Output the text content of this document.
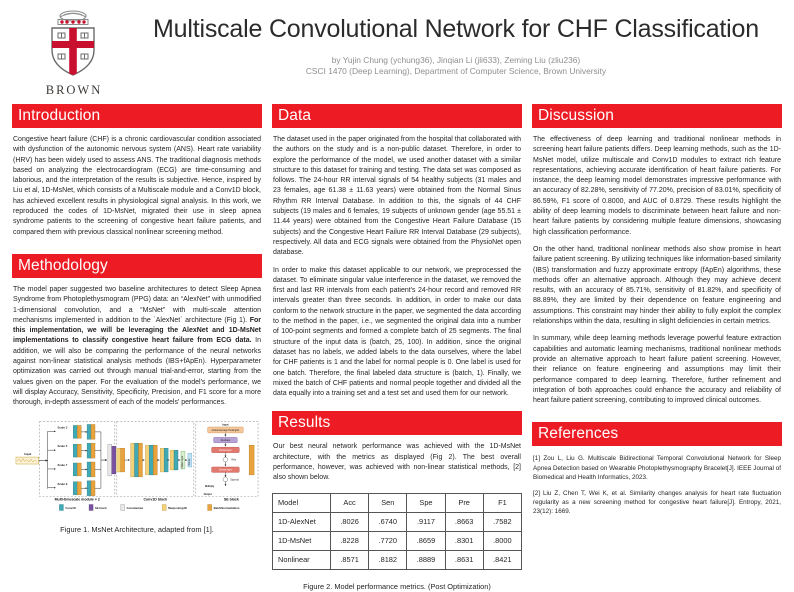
BROWN
Multiscale Convolutional Network for CHF Classification
by Yujin Chung (ychung36), Jinqian Li (jli633), Zeming Liu (zliu236)
CSCI 1470 (Deep Learning), Department of Computer Science, Brown University
Introduction

Congestive heart failure (CHF) is a chronic cardiovascular condition associated with dysfunction of the autonomic nervous system (ANS). Heart rate variability (HRV) has been widely used to assess ANS. The traditional diagnosis methods based on analyzing the electrocardiogram (ECG) are time-consuming and laborious, and the interpretation of the results is subjective. Hence, inspired by Liu et al, 1D-MsNet, which consists of a Multiscale module and a Conv1D block, has achieved excellent results in physiological signal analysis. In this work, we reproduced the codes of 1D-MsNet, migrated their use in sleep apnea syndrome patients to the screening of congestive heart failure patients, and compared them with previous classical nonlinear screening method.

Methodology

The model paper suggested two baseline architectures to detect Sleep Apnea Syndrome from Photoplethysmogram (PPG) data: an “AlexNet” with unmodified 1-dimensional convolution, and a “MsNet” with multi-scale attention mechanisms implemented in addition to the `AlexNet` architecture (Fig 1). For this implementation, we will be leveraging the AlexNet and 1D-MsNet implementations to classify congestive heart failure from ECG data. In addition, we will also be comparing the performance of the neural networks against non-linear statistical analysis methods (IBS+fApEn). Hyperparameter optimization was carried out through manual trial-and-error, starting from the values given on the paper. For the evaluation of the model's performance, we will display Accuracy, Sensitivity, Specificity, Precision, and F1 score for a more thorough, in-depth assessment of each of the models' performances.

Input
Scale 3
Scale 5
Scale 7
Scale 9
Flatten layer Dense
Input
Global Average Pooling1D
Reshape
Dense layer
Relu
Dense layer
Sigmoid
Multiply
Output
Multi-timescale module × 2	Conv1D block	SE block
Conv1D	SE block	Concatenate	Maxpooling1D	BatchNormalization
Figure 1. MsNet Architecture, adapted from [1].
Data

The dataset used in the paper originated from the hospital that collaborated with the authors on the study and is a non-public dataset. Therefore, in order to explore the performance of the model, we used another dataset with a similar structure to this dataset for training and testing. The data set was composed as follows. The 24-hour RR interval signals of 54 healthy subjects (31 males and 23 females, age 61.38 ± 11.63 years) were obtained from the Normal Sinus Rhythm RR Interval Database. In addition to this, the signals of 44 CHF subjects (19 males and 6 females, 19 subjects of unknown gender (age 55.51 ± 11.44 years) were obtained from the Congestive Heart Failure Database (15 subjects) and the Congestive Heart Failure RR Interval Database (29 subjects), respectively. All data and ECG signals were obtained from the PhysioNet open database.

In order to make this dataset applicable to our network, we preprocessed the dataset. To eliminate singular value interference in the dataset, we removed the first and last RR intervals from each patient's 24-hour record and removed RR intervals greater than three seconds. In addition, in order to make our data conform to the network structure in the paper, we segmented the data according to the method in the paper, i.e., we segmented the original data into a number of 100-point segments and formed a complete batch of 25 segments. The final structure of the input data is (batch, 25, 100). In addition, since the original dataset has no labels, we added labels to the data ourselves, where the label for CHF patients is 1 and the label for normal people is 0. One label is used for one batch. Therefore, the final labeled data structure is (batch, 1). Finally, we mixed the batch of CHF patients and normal people together and divided all the data equally into a training set and a test set and used them for our network.

Results

Our best neural network performance was achieved with the 1D-MsNet architecture, with the metrics as displayed (Fig 2). The best overall performance, however, was achieved with non-linear statistical methods, [2] also shown below.

Model	Acc	Sen	Spe	Pre	F1
1D-AlexNet	.8026	.6740	.9117	.8663	.7582
1D-MsNet	.8228	.7720	.8659	.8301	.8000
Nonlinear	.8571	.8182	.8889	.8631	.8421
Figure 2. Model performance metrics. (Post Optimization)
Discussion

The effectiveness of deep learning and traditional nonlinear methods in screening heart failure patients differs. Deep learning methods, such as the 1D-MsNet model, utilize multiscale and Conv1D modules to extract rich feature representations, achieving accurate identification of heart failure patients. For instance, the deep learning model demonstrates impressive performance with an accuracy of 82.28%, sensitivity of 77.20%, precision of 83.01%, specificity of 86.59%, F1 score of 0.8000, and AUC of 0.8729. These results highlight the ability of deep learning models to discriminate between heart failure and non-heart failure patients by considering multiple feature dimensions, showcasing high classification performance.

On the other hand, traditional nonlinear methods also show promise in heart failure patient screening. By utilizing techniques like information-based similarity (IBS) transformation and fuzzy approximate entropy (fApEn) algorithms, these methods offer an alternative approach. Although they may achieve decent results, with an accuracy of 85.71%, sensitivity of 81.82%, and specificity of 88.89%, they are limited by their dependence on feature engineering and assumptions. This constraint may hinder their ability to fully exploit the complex relationships within the data, resulting in slight deficiencies in certain metrics.

In summary, while deep learning methods leverage powerful feature extraction capabilities and automatic learning mechanisms, traditional nonlinear methods provide an alternative approach to heart failure patient screening. However, their reliance on feature engineering and assumptions may limit their performance compared to deep learning. Therefore, further refinement and integration of both approaches could enhance the accuracy and reliability of heart failure patient screening, contributing to improved clinical outcomes.

References

[1] Zou L, Liu G. Multiscale Bidirectional Temporal Convolutional Network for Sleep Apnea Detection based on Wearable Photoplethysmography Bracelet[J]. IEEE Journal of Biomedical and Health Informatics, 2023.

[2] Liu Z, Chen T, Wei K, et al. Similarity changes analysis for heart rate fluctuation regularity as a new screening method for congestive heart failure[J]. Entropy, 2021, 23(12): 1669.
